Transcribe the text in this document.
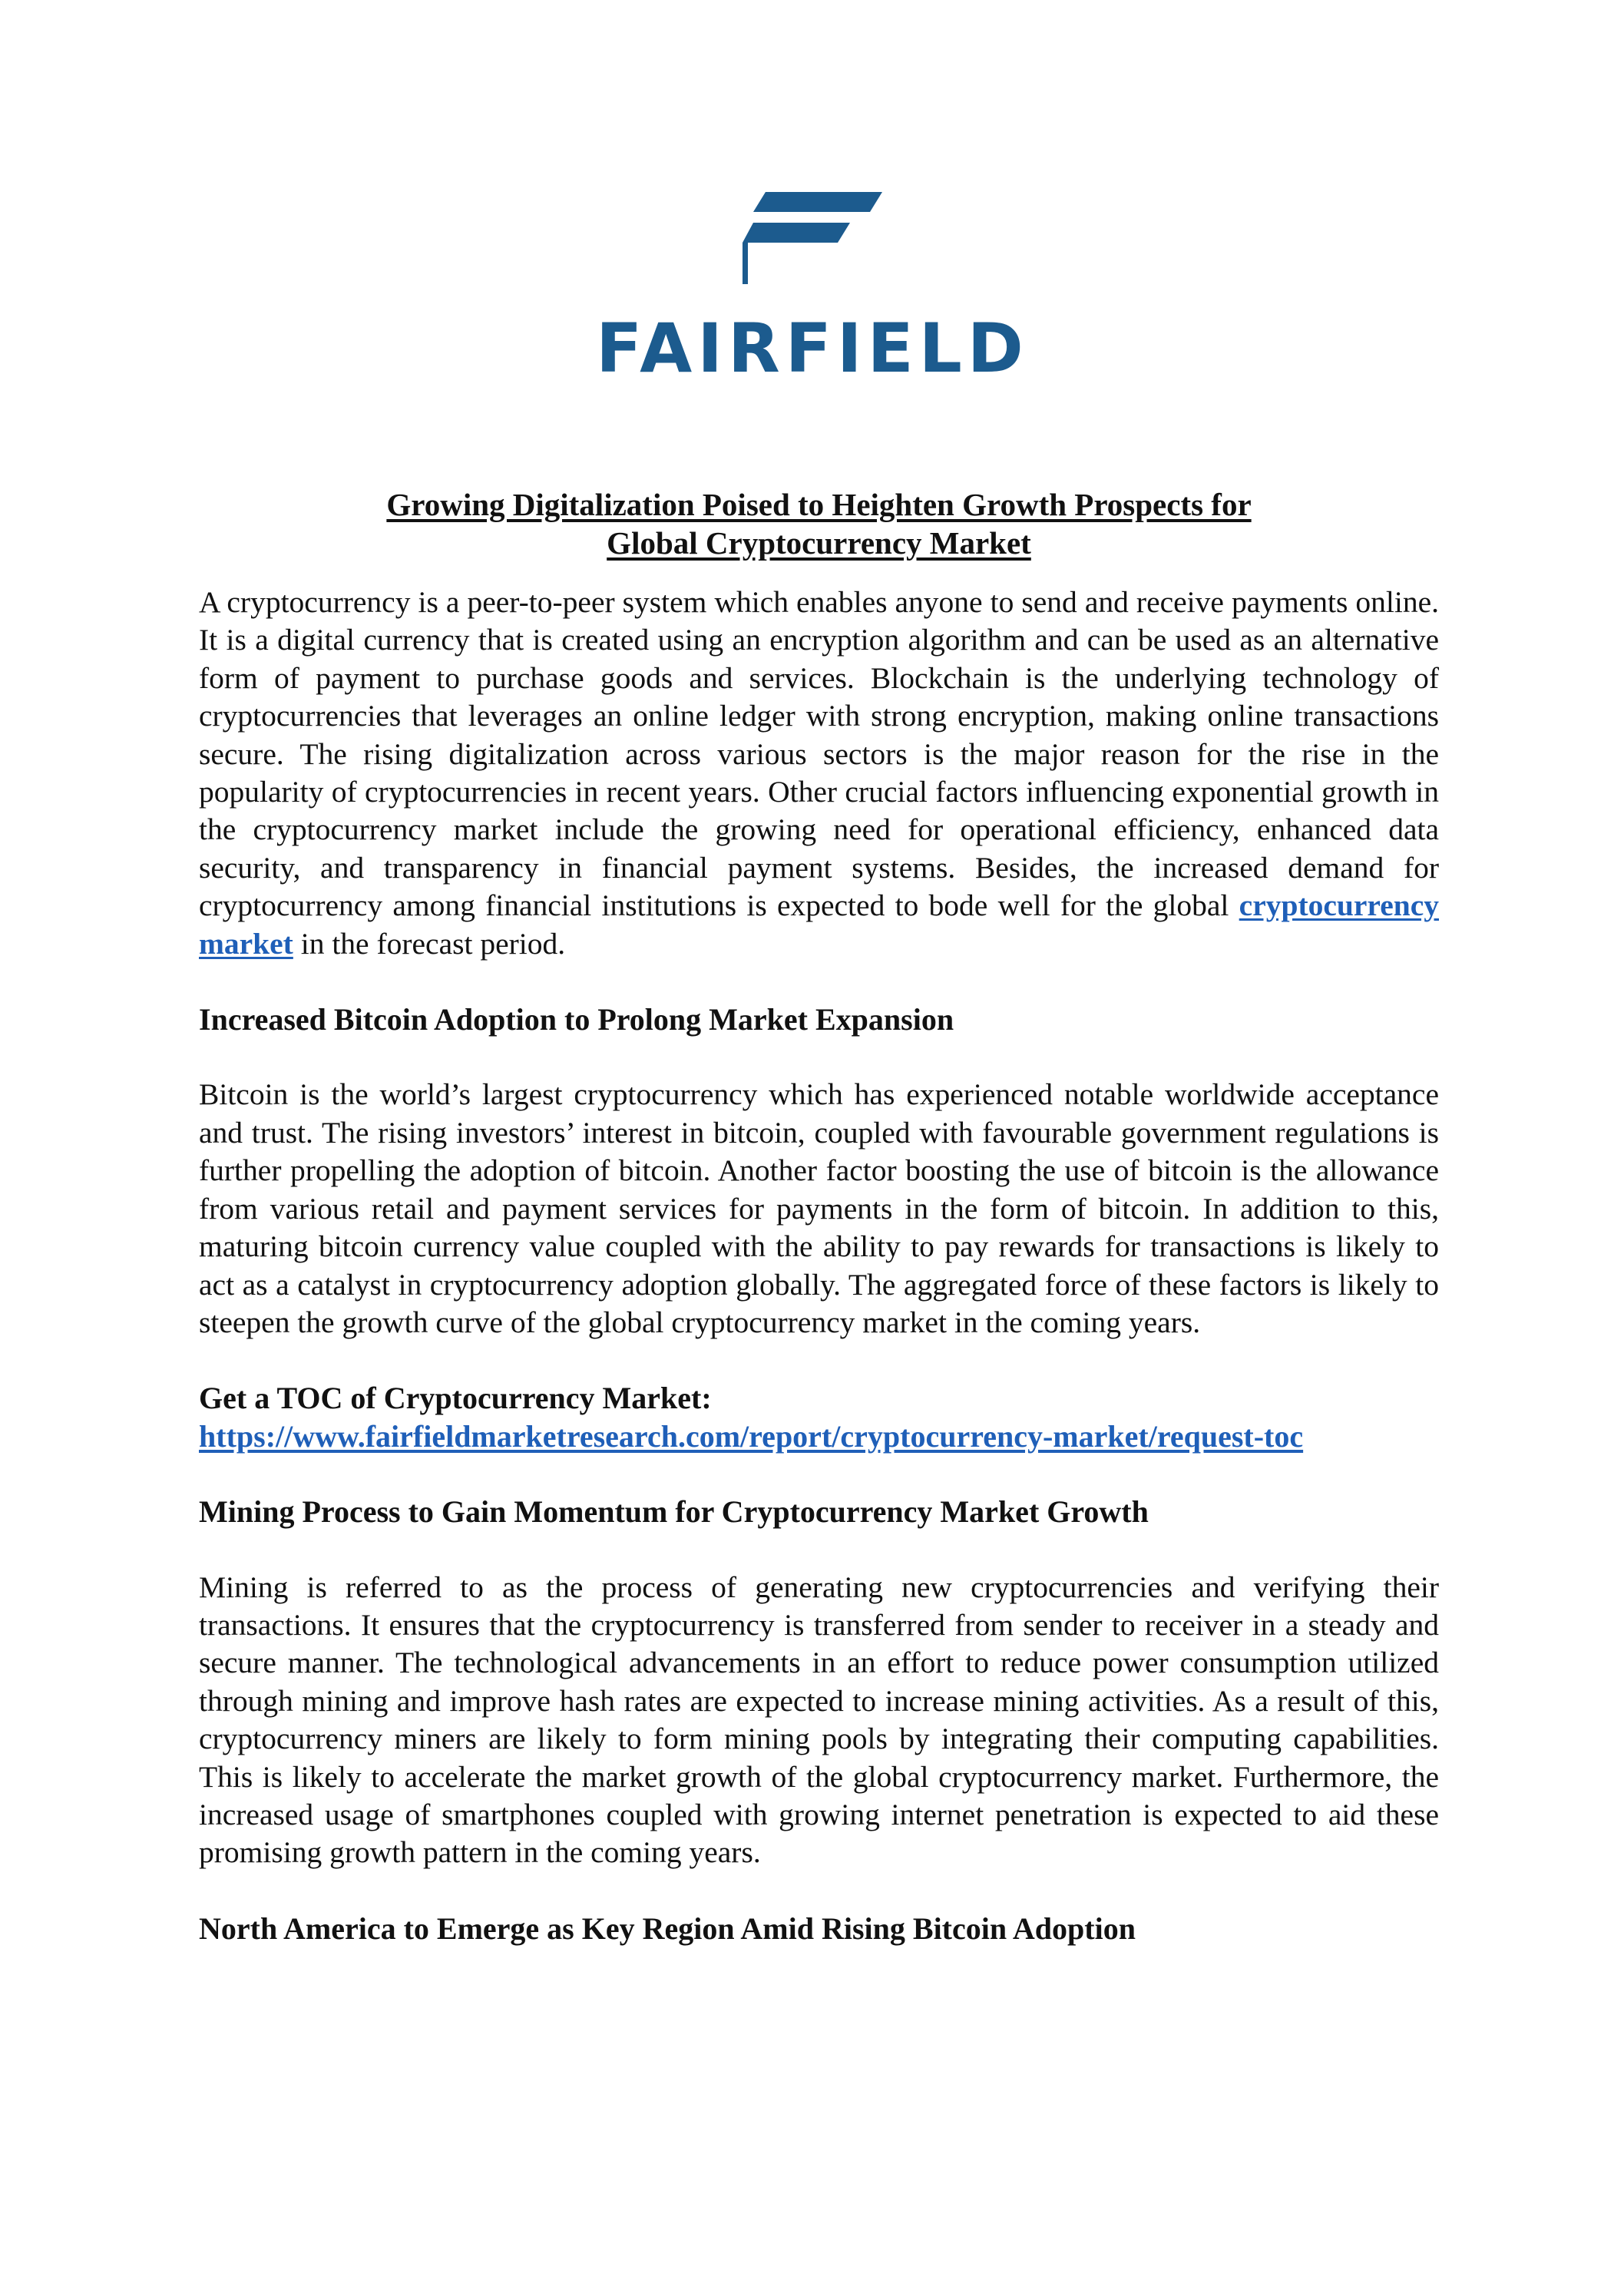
FAIRFIELD
Growing Digitalization Poised to Heighten Growth Prospects for
Global Cryptocurrency Market

A cryptocurrency is a peer-to-peer system which enables anyone to send and receive payments online. It is a digital currency that is created using an encryption algorithm and can be used as an alternative form of payment to purchase goods and services. Blockchain is the underlying technology of cryptocurrencies that leverages an online ledger with strong encryption, making online transactions secure. The rising digitalization across various sectors is the major reason for the rise in the popularity of cryptocurrencies in recent years. Other crucial factors influencing exponential growth in the cryptocurrency market include the growing need for operational efficiency, enhanced data security, and transparency in financial payment systems. Besides, the increased demand for cryptocurrency among financial institutions is expected to bode well for the global cryptocurrency market in the forecast period.

Increased Bitcoin Adoption to Prolong Market Expansion

Bitcoin is the world’s largest cryptocurrency which has experienced notable worldwide acceptance and trust. The rising investors’ interest in bitcoin, coupled with favourable government regulations is further propelling the adoption of bitcoin. Another factor boosting the use of bitcoin is the allowance from various retail and payment services for payments in the form of bitcoin. In addition to this, maturing bitcoin currency value coupled with the ability to pay rewards for transactions is likely to act as a catalyst in cryptocurrency adoption globally. The aggregated force of these factors is likely to steepen the growth curve of the global cryptocurrency market in the coming years.

Get a TOC of Cryptocurrency Market:

https://www.fairfieldmarketresearch.com/report/cryptocurrency-market/request-toc

Mining Process to Gain Momentum for Cryptocurrency Market Growth

Mining is referred to as the process of generating new cryptocurrencies and verifying their transactions. It ensures that the cryptocurrency is transferred from sender to receiver in a steady and secure manner. The technological advancements in an effort to reduce power consumption utilized through mining and improve hash rates are expected to increase mining activities. As a result of this, cryptocurrency miners are likely to form mining pools by integrating their computing capabilities. This is likely to accelerate the market growth of the global cryptocurrency market. Furthermore, the increased usage of smartphones coupled with growing internet penetration is expected to aid these promising growth pattern in the coming years.

North America to Emerge as Key Region Amid Rising Bitcoin Adoption
